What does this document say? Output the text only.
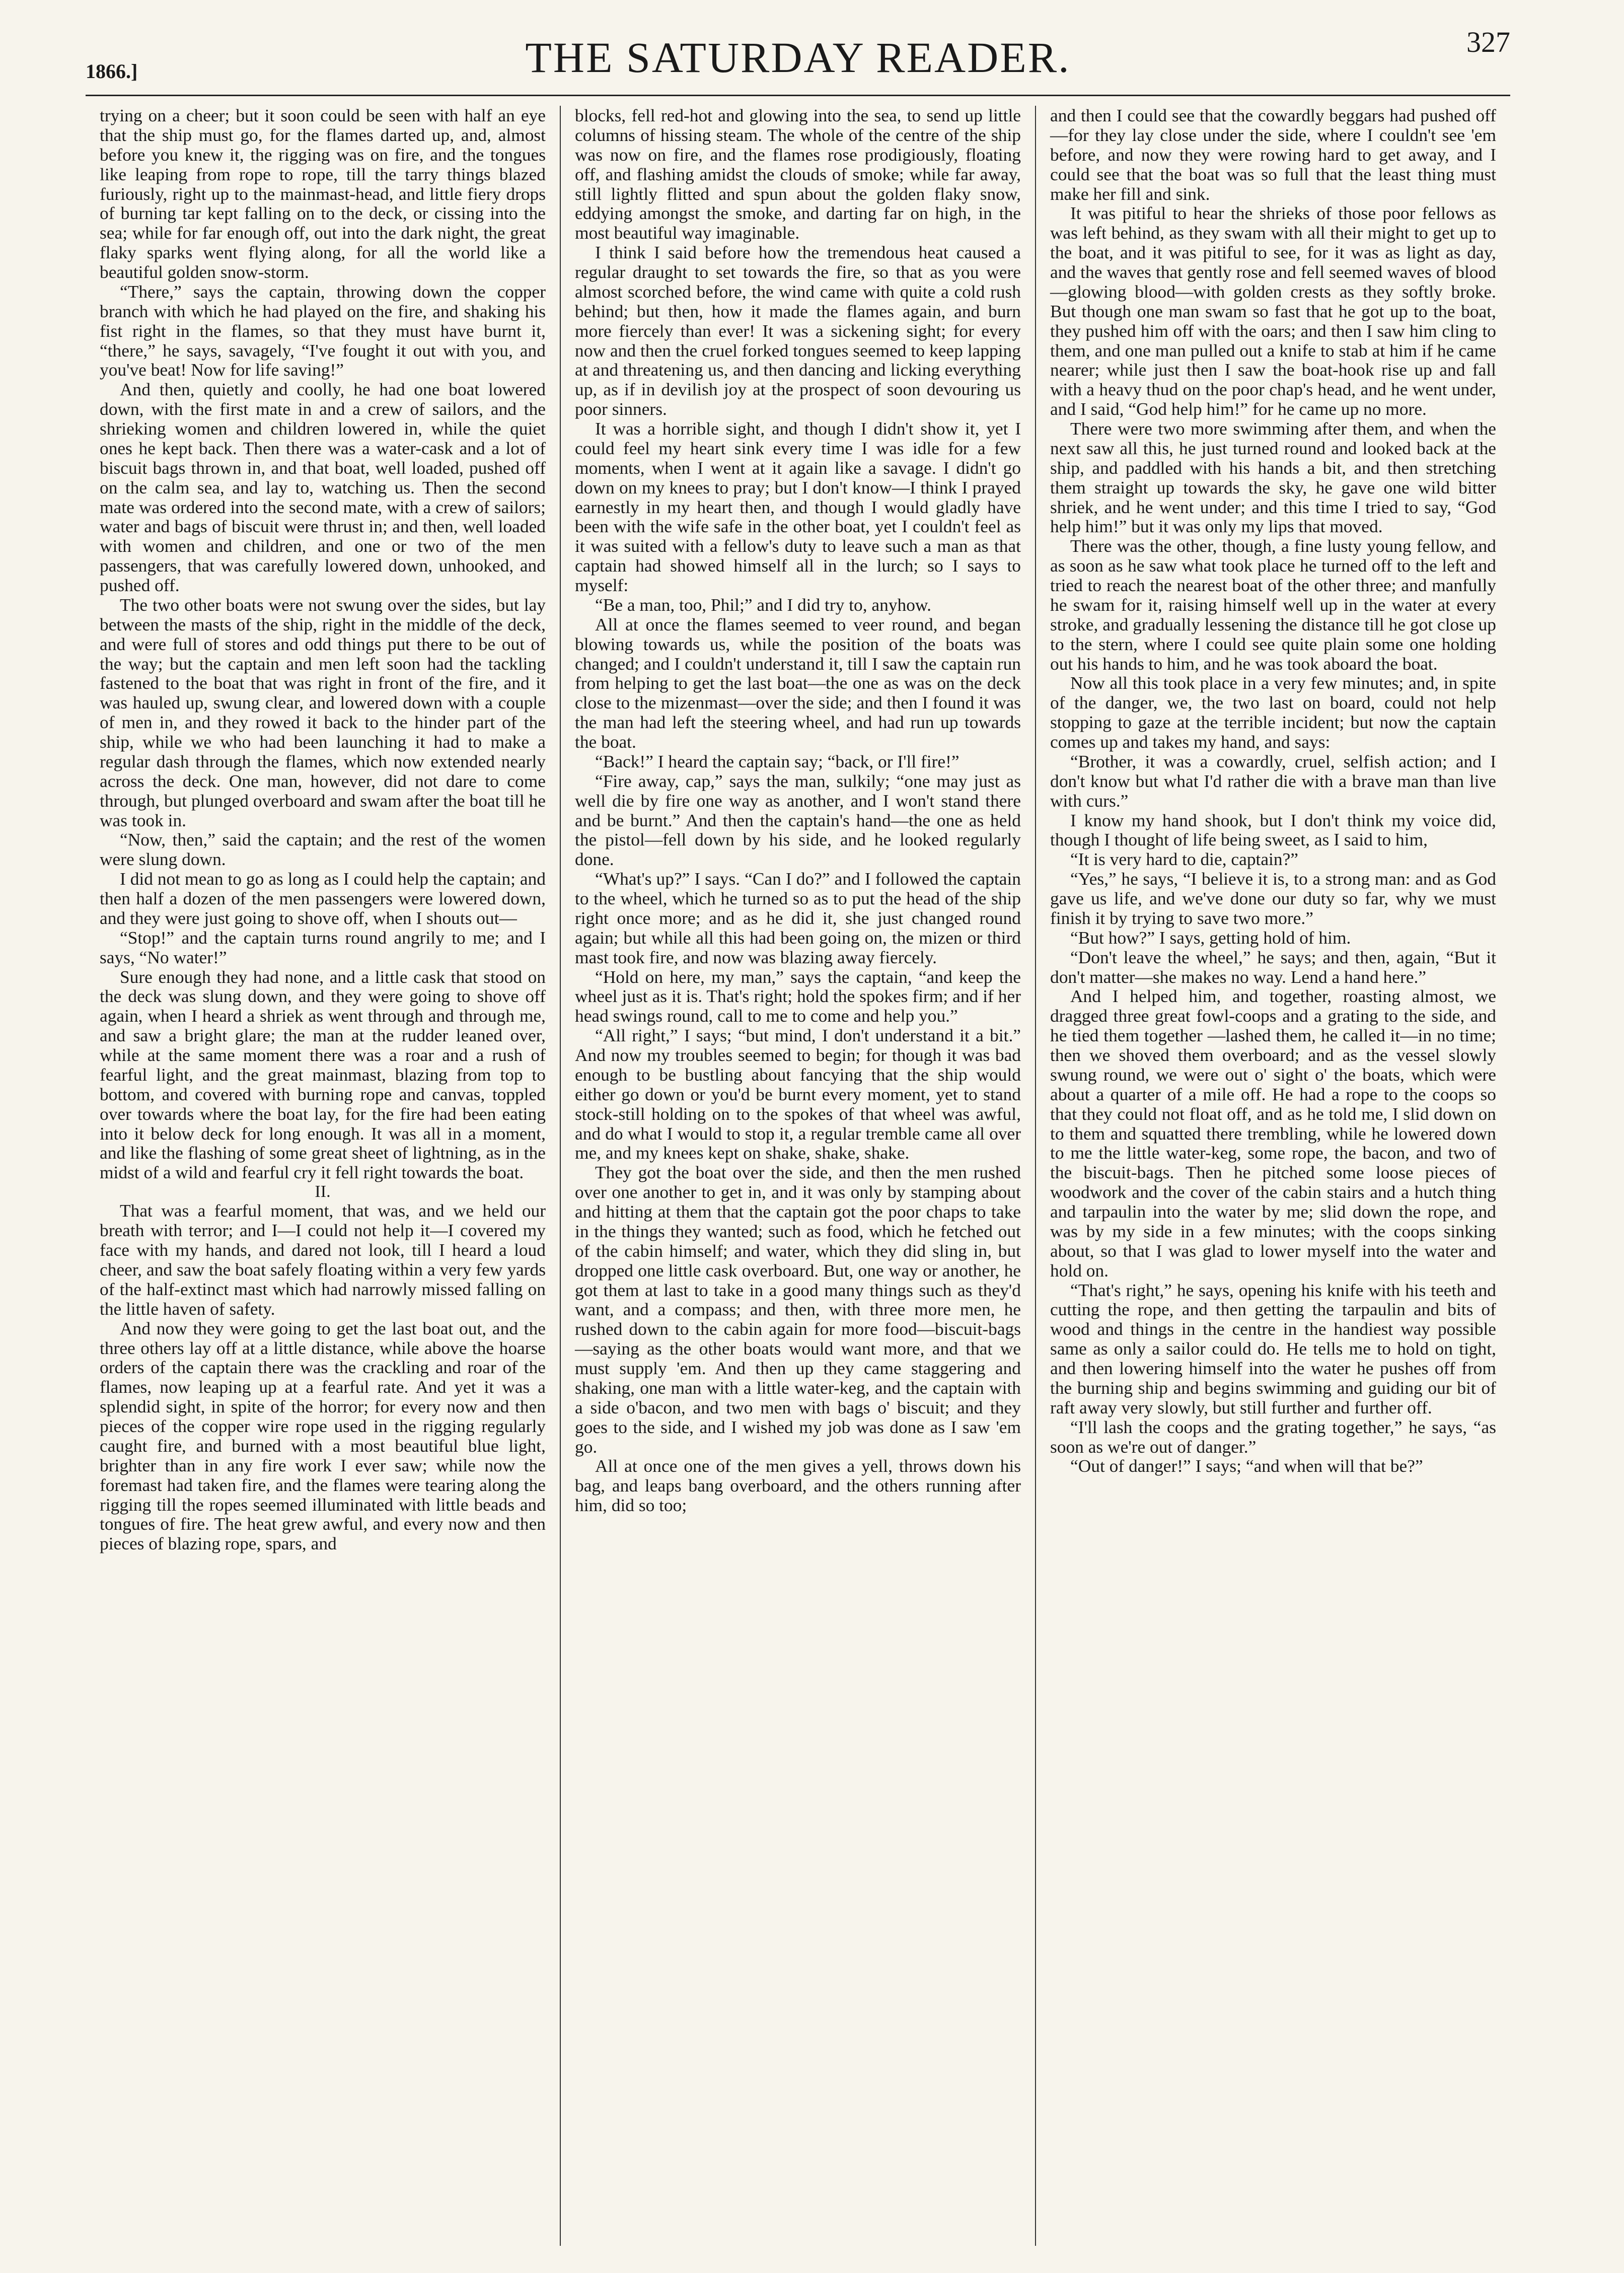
1866.]	THE SATURDAY READER.	327

trying on a cheer; but it soon could be seen with half an eye that the ship must go, for the flames darted up, and, almost before you knew it, the rigging was on fire, and the tongues like leaping from rope to rope, till the tarry things blazed furiously, right up to the mainmast-head, and little fiery drops of burning tar kept falling on to the deck, or cissing into the sea; while for far enough off, out into the dark night, the great flaky sparks went flying along, for all the world like a beautiful golden snow-storm.

“There,” says the captain, throwing down the copper branch with which he had played on the fire, and shaking his fist right in the flames, so that they must have burnt it, “there,” he says, savagely, “I've fought it out with you, and you've beat! Now for life saving!”

And then, quietly and coolly, he had one boat lowered down, with the first mate in and a crew of sailors, and the shrieking women and children lowered in, while the quiet ones he kept back. Then there was a water-cask and a lot of biscuit bags thrown in, and that boat, well loaded, pushed off on the calm sea, and lay to, watching us. Then the second mate was ordered into the second mate, with a crew of sailors; water and bags of biscuit were thrust in; and then, well loaded with women and children, and one or two of the men passengers, that was carefully lowered down, unhooked, and pushed off.

The two other boats were not swung over the sides, but lay between the masts of the ship, right in the middle of the deck, and were full of stores and odd things put there to be out of the way; but the captain and men left soon had the tackling fastened to the boat that was right in front of the fire, and it was hauled up, swung clear, and lowered down with a couple of men in, and they rowed it back to the hinder part of the ship, while we who had been launching it had to make a regular dash through the flames, which now extended nearly across the deck. One man, however, did not dare to come through, but plunged overboard and swam after the boat till he was took in.

“Now, then,” said the captain; and the rest of the women were slung down.

I did not mean to go as long as I could help the captain; and then half a dozen of the men passengers were lowered down, and they were just going to shove off, when I shouts out—

“Stop!” and the captain turns round angrily to me; and I says, “No water!”

Sure enough they had none, and a little cask that stood on the deck was slung down, and they were going to shove off again, when I heard a shriek as went through and through me, and saw a bright glare; the man at the rudder leaned over, while at the same moment there was a roar and a rush of fearful light, and the great mainmast, blazing from top to bottom, and covered with burning rope and canvas, toppled over towards where the boat lay, for the fire had been eating into it below deck for long enough. It was all in a moment, and like the flashing of some great sheet of lightning, as in the midst of a wild and fearful cry it fell right towards the boat.

II.

That was a fearful moment, that was, and we held our breath with terror; and I—I could not help it—I covered my face with my hands, and dared not look, till I heard a loud cheer, and saw the boat safely floating within a very few yards of the half-extinct mast which had narrowly missed falling on the little haven of safety.

And now they were going to get the last boat out, and the three others lay off at a little distance, while above the hoarse orders of the captain there was the crackling and roar of the flames, now leaping up at a fearful rate. And yet it was a splendid sight, in spite of the horror; for every now and then pieces of the copper wire rope used in the rigging regularly caught fire, and burned with a most beautiful blue light, brighter than in any fire work I ever saw; while now the foremast had taken fire, and the flames were tearing along the rigging till the ropes seemed illuminated with little beads and tongues of fire. The heat grew awful, and every now and then pieces of blazing rope, spars, and

blocks, fell red-hot and glowing into the sea, to send up little columns of hissing steam. The whole of the centre of the ship was now on fire, and the flames rose prodigiously, floating off, and flashing amidst the clouds of smoke; while far away, still lightly flitted and spun about the golden flaky snow, eddying amongst the smoke, and darting far on high, in the most beautiful way imaginable.

I think I said before how the tremendous heat caused a regular draught to set towards the fire, so that as you were almost scorched before, the wind came with quite a cold rush behind; but then, how it made the flames again, and burn more fiercely than ever! It was a sickening sight; for every now and then the cruel forked tongues seemed to keep lapping at and threatening us, and then dancing and licking everything up, as if in devilish joy at the prospect of soon devouring us poor sinners.

It was a horrible sight, and though I didn't show it, yet I could feel my heart sink every time I was idle for a few moments, when I went at it again like a savage. I didn't go down on my knees to pray; but I don't know—I think I prayed earnestly in my heart then, and though I would gladly have been with the wife safe in the other boat, yet I couldn't feel as it was suited with a fellow's duty to leave such a man as that captain had showed himself all in the lurch; so I says to myself:

“Be a man, too, Phil;” and I did try to, anyhow.

All at once the flames seemed to veer round, and began blowing towards us, while the position of the boats was changed; and I couldn't understand it, till I saw the captain run from helping to get the last boat—the one as was on the deck close to the mizenmast—over the side; and then I found it was the man had left the steering wheel, and had run up towards the boat.

“Back!” I heard the captain say; “back, or I'll fire!”

“Fire away, cap,” says the man, sulkily; “one may just as well die by fire one way as another, and I won't stand there and be burnt.” And then the captain's hand—the one as held the pistol—fell down by his side, and he looked regularly done.

“What's up?” I says. “Can I do?” and I followed the captain to the wheel, which he turned so as to put the head of the ship right once more; and as he did it, she just changed round again; but while all this had been going on, the mizen or third mast took fire, and now was blazing away fiercely.

“Hold on here, my man,” says the captain, “and keep the wheel just as it is. That's right; hold the spokes firm; and if her head swings round, call to me to come and help you.”

“All right,” I says; “but mind, I don't understand it a bit.” And now my troubles seemed to begin; for though it was bad enough to be bustling about fancying that the ship would either go down or you'd be burnt every moment, yet to stand stock-still holding on to the spokes of that wheel was awful, and do what I would to stop it, a regular tremble came all over me, and my knees kept on shake, shake, shake.

They got the boat over the side, and then the men rushed over one another to get in, and it was only by stamping about and hitting at them that the captain got the poor chaps to take in the things they wanted; such as food, which he fetched out of the cabin himself; and water, which they did sling in, but dropped one little cask overboard. But, one way or another, he got them at last to take in a good many things such as they'd want, and a compass; and then, with three more men, he rushed down to the cabin again for more food—biscuit-bags—saying as the other boats would want more, and that we must supply 'em. And then up they came staggering and shaking, one man with a little water-keg, and the captain with a side o'bacon, and two men with bags o' biscuit; and they goes to the side, and I wished my job was done as I saw 'em go.

All at once one of the men gives a yell, throws down his bag, and leaps bang overboard, and the others running after him, did so too;

and then I could see that the cowardly beggars had pushed off—for they lay close under the side, where I couldn't see 'em before, and now they were rowing hard to get away, and I could see that the boat was so full that the least thing must make her fill and sink.

It was pitiful to hear the shrieks of those poor fellows as was left behind, as they swam with all their might to get up to the boat, and it was pitiful to see, for it was as light as day, and the waves that gently rose and fell seemed waves of blood—glowing blood—with golden crests as they softly broke. But though one man swam so fast that he got up to the boat, they pushed him off with the oars; and then I saw him cling to them, and one man pulled out a knife to stab at him if he came nearer; while just then I saw the boat-hook rise up and fall with a heavy thud on the poor chap's head, and he went under, and I said, “God help him!” for he came up no more.

There were two more swimming after them, and when the next saw all this, he just turned round and looked back at the ship, and paddled with his hands a bit, and then stretching them straight up towards the sky, he gave one wild bitter shriek, and he went under; and this time I tried to say, “God help him!” but it was only my lips that moved.

There was the other, though, a fine lusty young fellow, and as soon as he saw what took place he turned off to the left and tried to reach the nearest boat of the other three; and manfully he swam for it, raising himself well up in the water at every stroke, and gradually lessening the distance till he got close up to the stern, where I could see quite plain some one holding out his hands to him, and he was took aboard the boat.

Now all this took place in a very few minutes; and, in spite of the danger, we, the two last on board, could not help stopping to gaze at the terrible incident; but now the captain comes up and takes my hand, and says:

“Brother, it was a cowardly, cruel, selfish action; and I don't know but what I'd rather die with a brave man than live with curs.”

I know my hand shook, but I don't think my voice did, though I thought of life being sweet, as I said to him,

“It is very hard to die, captain?”

“Yes,” he says, “I believe it is, to a strong man: and as God gave us life, and we've done our duty so far, why we must finish it by trying to save two more.”

“But how?” I says, getting hold of him.

“Don't leave the wheel,” he says; and then, again, “But it don't matter—she makes no way. Lend a hand here.”

And I helped him, and together, roasting almost, we dragged three great fowl-coops and a grating to the side, and he tied them together —lashed them, he called it—in no time; then we shoved them overboard; and as the vessel slowly swung round, we were out o' sight o' the boats, which were about a quarter of a mile off. He had a rope to the coops so that they could not float off, and as he told me, I slid down on to them and squatted there trembling, while he lowered down to me the little water-keg, some rope, the bacon, and two of the biscuit-bags. Then he pitched some loose pieces of woodwork and the cover of the cabin stairs and a hutch thing and tarpaulin into the water by me; slid down the rope, and was by my side in a few minutes; with the coops sinking about, so that I was glad to lower myself into the water and hold on.

“That's right,” he says, opening his knife with his teeth and cutting the rope, and then getting the tarpaulin and bits of wood and things in the centre in the handiest way possible same as only a sailor could do. He tells me to hold on tight, and then lowering himself into the water he pushes off from the burning ship and begins swimming and guiding our bit of raft away very slowly, but still further and further off.

“I'll lash the coops and the grating together,” he says, “as soon as we're out of danger.”

“Out of danger!” I says; “and when will that be?”
